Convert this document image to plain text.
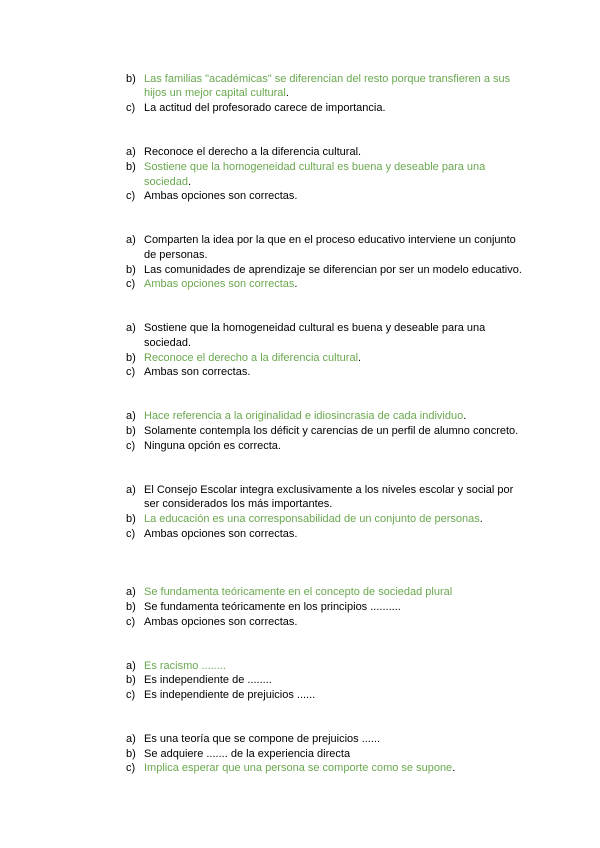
b) Las familias "académicas" se diferencian del resto porque transfieren a sus
hijos un mejor capital cultural.
c) La actitud del profesorado carece de importancia.
a) Reconoce el derecho a la diferencia cultural.
b) Sostiene que la homogeneidad cultural es buena y deseable para una
sociedad.
c) Ambas opciones son correctas.
a) Comparten la idea por la que en el proceso educativo interviene un conjunto
de personas.
b) Las comunidades de aprendizaje se diferencian por ser un modelo educativo.
c) Ambas opciones son correctas.
a) Sostiene que la homogeneidad cultural es buena y deseable para una
sociedad.
b) Reconoce el derecho a la diferencia cultural.
c) Ambas son correctas.
a) Hace referencia a la originalidad e idiosincrasia de cada individuo.
b) Solamente contempla los déficit y carencias de un perfil de alumno concreto.
c) Ninguna opción es correcta.
a) El Consejo Escolar integra exclusivamente a los niveles escolar y social por
ser considerados los más importantes.
b) La educación es una corresponsabilidad de un conjunto de personas.
c) Ambas opciones son correctas.
a) Se fundamenta teóricamente en el concepto de sociedad plural
b) Se fundamenta teóricamente en los principios ..........
c) Ambas opciones son correctas.
a) Es racismo ........
b) Es independiente de ........
c) Es independiente de prejuicios ......
a) Es una teoría que se compone de prejuicios ......
b) Se adquiere ....... de la experiencia directa
c) Implica esperar que una persona se comporte como se supone.
